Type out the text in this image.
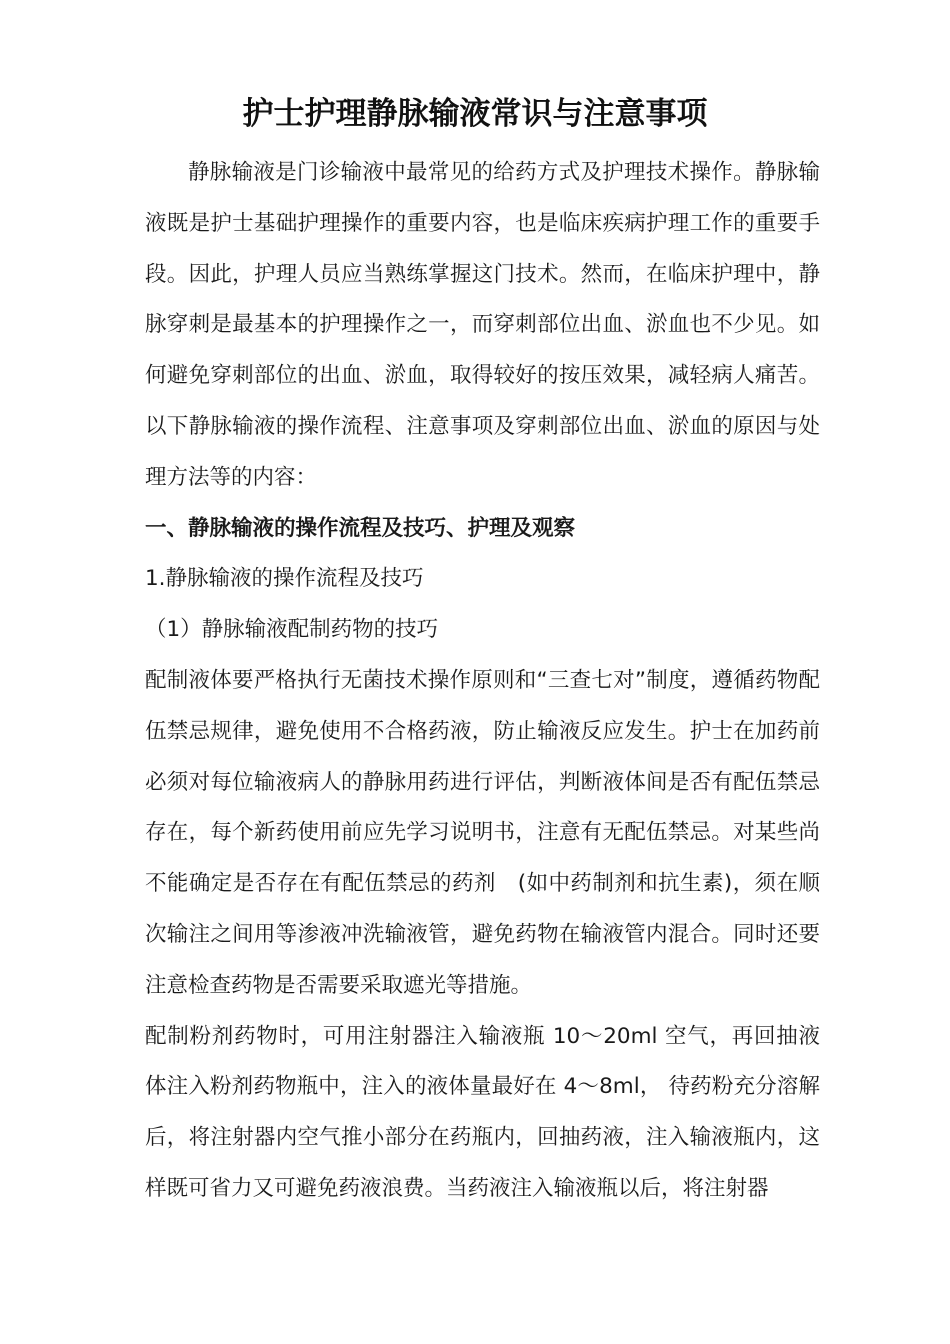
护士护理静脉输液常识与注意事项

静脉输液是门诊输液中最常见的给药方式及护理技术操作。静脉输液既是护士基础护理操作的重要内容，也是临床疾病护理工作的重要手段。因此，护理人员应当熟练掌握这门技术。然而，在临床护理中，静脉穿刺是最基本的护理操作之一，而穿刺部位出血、淤血也不少见。如何避免穿刺部位的出血、淤血，取得较好的按压效果，减轻病人痛苦。以下静脉输液的操作流程、注意事项及穿刺部位出血、淤血的原因与处理方法等的内容：

一、静脉输液的操作流程及技巧、护理及观察

1.静脉输液的操作流程及技巧

（1）静脉输液配制药物的技巧

配制液体要严格执行无菌技术操作原则和“三查七对”制度，遵循药物配伍禁忌规律，避免使用不合格药液，防止输液反应发生。护士在加药前必须对每位输液病人的静脉用药进行评估，判断液体间是否有配伍禁忌存在，每个新药使用前应先学习说明书，注意有无配伍禁忌。对某些尚不能确定是否存在有配伍禁忌的药剂　(如中药制剂和抗生素)，须在顺次输注之间用等渗液冲洗输液管，避免药物在输液管内混合。同时还要注意检查药物是否需要采取遮光等措施。

配制粉剂药物时，可用注射器注入输液瓶 10～20ml 空气，再回抽液体注入粉剂药物瓶中，注入的液体量最好在 4～8ml， 待药粉充分溶解后，将注射器内空气推小部分在药瓶内，回抽药液，注入输液瓶内，这样既可省力又可避免药液浪费。当药液注入输液瓶以后，将注射器
